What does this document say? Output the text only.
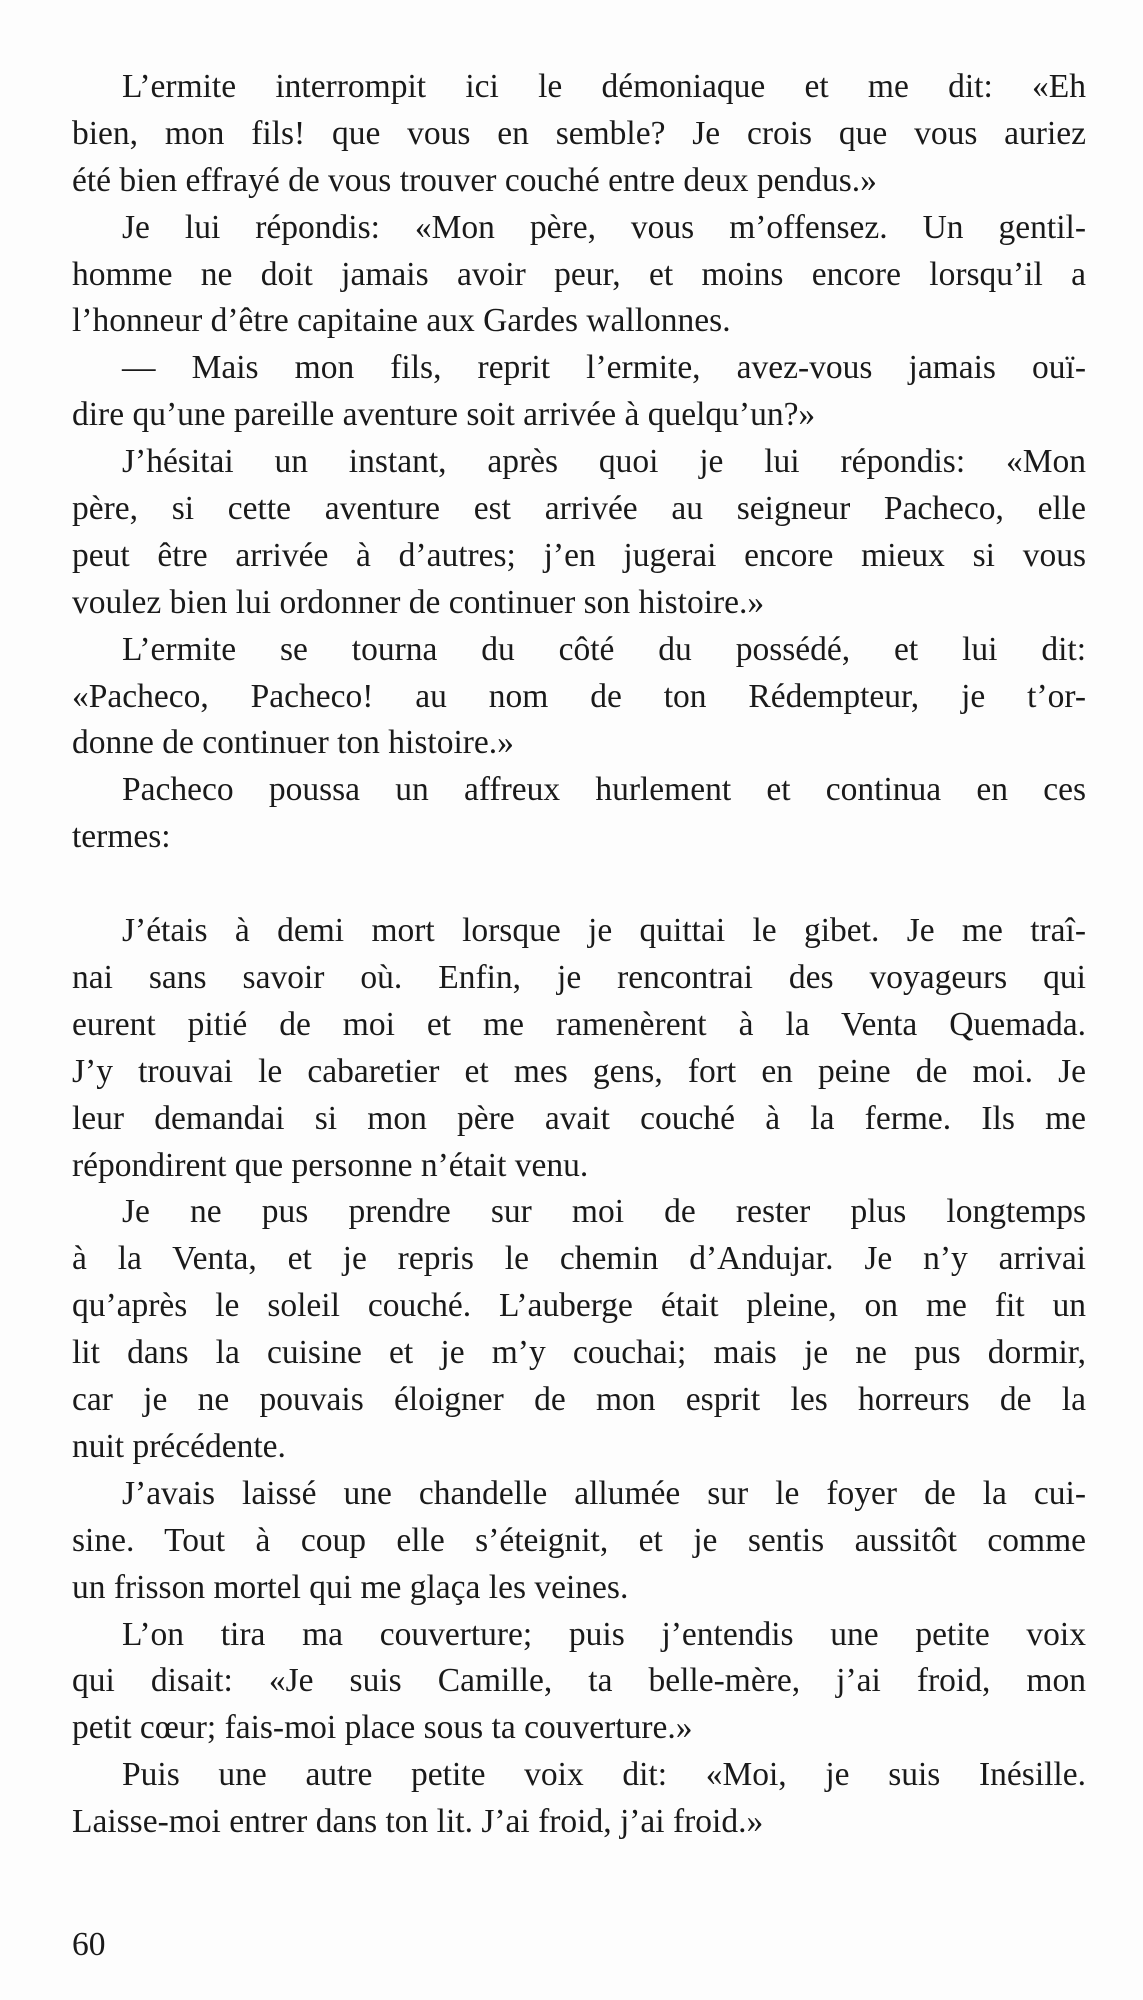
L’ermite interrompit ici le démoniaque et me dit: «Eh
bien, mon fils! que vous en semble? Je crois que vous auriez
été bien effrayé de vous trouver couché entre deux pendus.»
Je lui répondis: «Mon père, vous m’offensez. Un gentil-
homme ne doit jamais avoir peur, et moins encore lorsqu’il a
l’honneur d’être capitaine aux Gardes wallonnes.
— Mais mon fils, reprit l’ermite, avez-vous jamais ouï-
dire qu’une pareille aventure soit arrivée à quelqu’un?»
J’hésitai un instant, après quoi je lui répondis: «Mon
père, si cette aventure est arrivée au seigneur Pacheco, elle
peut être arrivée à d’autres; j’en jugerai encore mieux si vous
voulez bien lui ordonner de continuer son histoire.»
L’ermite se tourna du côté du possédé, et lui dit:
«Pacheco, Pacheco! au nom de ton Rédempteur, je t’or-
donne de continuer ton histoire.»
Pacheco poussa un affreux hurlement et continua en ces
termes:
J’étais à demi mort lorsque je quittai le gibet. Je me traî-
nai sans savoir où. Enfin, je rencontrai des voyageurs qui
eurent pitié de moi et me ramenèrent à la Venta Quemada.
J’y trouvai le cabaretier et mes gens, fort en peine de moi. Je
leur demandai si mon père avait couché à la ferme. Ils me
répondirent que personne n’était venu.
Je ne pus prendre sur moi de rester plus longtemps
à la Venta, et je repris le chemin d’Andujar. Je n’y arrivai
qu’après le soleil couché. L’auberge était pleine, on me fit un
lit dans la cuisine et je m’y couchai; mais je ne pus dormir,
car je ne pouvais éloigner de mon esprit les horreurs de la
nuit précédente.
J’avais laissé une chandelle allumée sur le foyer de la cui-
sine. Tout à coup elle s’éteignit, et je sentis aussitôt comme
un frisson mortel qui me glaça les veines.
L’on tira ma couverture; puis j’entendis une petite voix
qui disait: «Je suis Camille, ta belle-mère, j’ai froid, mon
petit cœur; fais-moi place sous ta couverture.»
Puis une autre petite voix dit: «Moi, je suis Inésille.
Laisse-moi entrer dans ton lit. J’ai froid, j’ai froid.»
60
